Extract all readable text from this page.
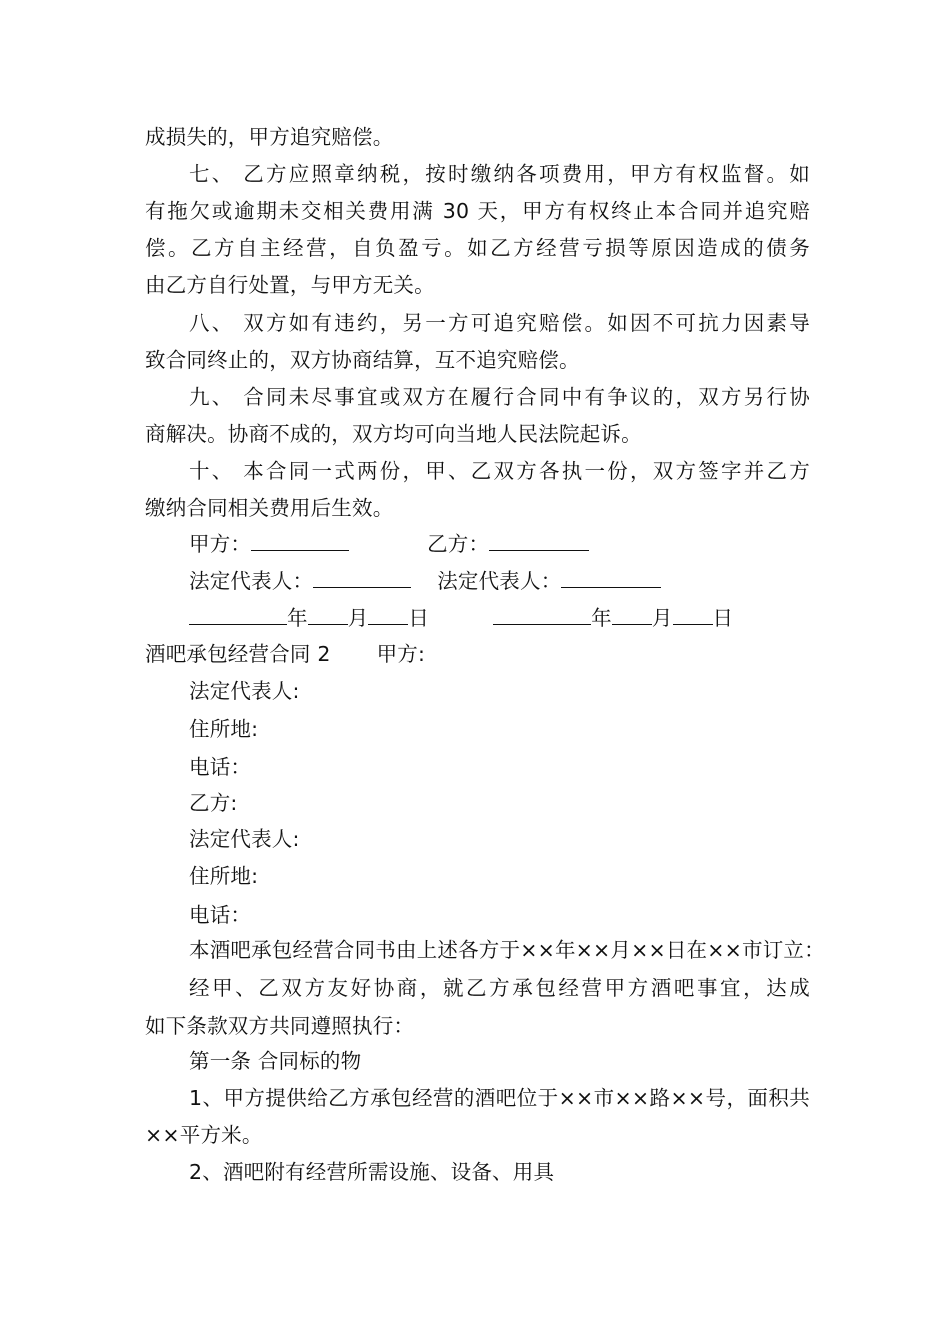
成损失的，甲方追究赔偿。
七、 乙方应照章纳税，按时缴纳各项费用，甲方有权监督。如
有拖欠或逾期未交相关费用满 30 天，甲方有权终止本合同并追究赔
偿。乙方自主经营，自负盈亏。如乙方经营亏损等原因造成的债务
由乙方自行处置，与甲方无关。
八、 双方如有违约，另一方可追究赔偿。如因不可抗力因素导
致合同终止的，双方协商结算，互不追究赔偿。
九、 合同未尽事宜或双方在履行合同中有争议的，双方另行协
商解决。协商不成的，双方均可向当地人民法院起诉。
十、 本合同一式两份，甲、乙双方各执一份，双方签字并乙方
缴纳合同相关费用后生效。
甲方：	乙方：
法定代表人：	法定代表人：
年 月 日	年 月 日
酒吧承包经营合同 2 甲方:
法定代表人:
住所地:
电话：
乙方:
法定代表人:
住所地:
电话：
本酒吧承包经营合同书由上述各方于××年××月××日在××市订立：
经甲、乙双方友好协商，就乙方承包经营甲方酒吧事宜，达成
如下条款双方共同遵照执行：
第一条 合同标的物
1、甲方提供给乙方承包经营的酒吧位于××市××路××号，面积共
××平方米。
2、酒吧附有经营所需设施、设备、用具
